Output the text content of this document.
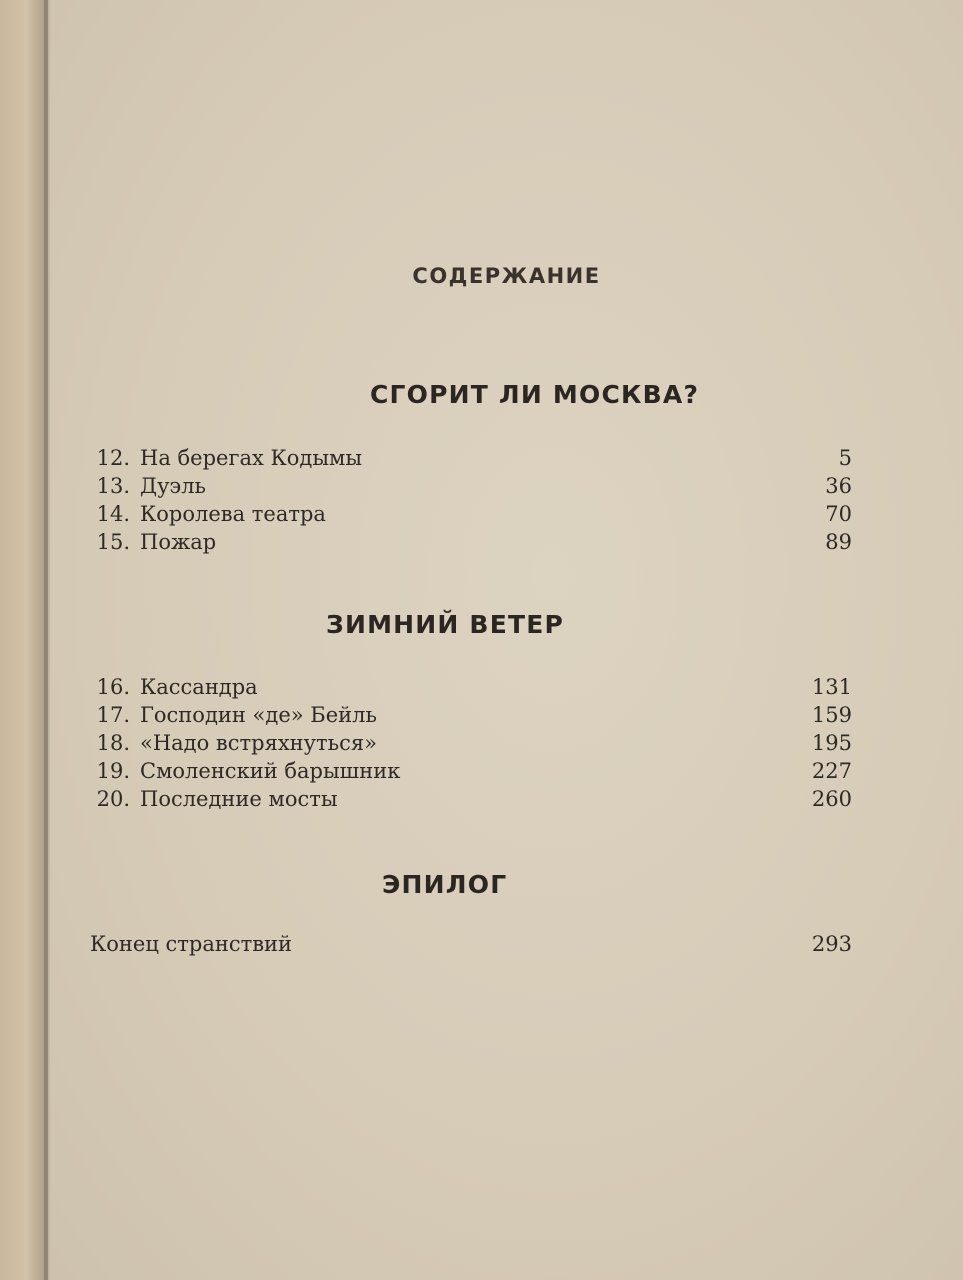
СОДЕРЖАНИЕ
СГОРИТ ЛИ МОСКВА?
12. На берегах Кодымы	5
13. Дуэль	36
14. Королева театра	70
15. Пожар	89
ЗИМНИЙ ВЕТЕР
16. Кассандра	131
17. Господин «де» Бейль	159
18. «Надо встряхнуться»	195
19. Смоленский барышник	227
20. Последние мосты	260
ЭПИЛОГ
Конец странствий	293
